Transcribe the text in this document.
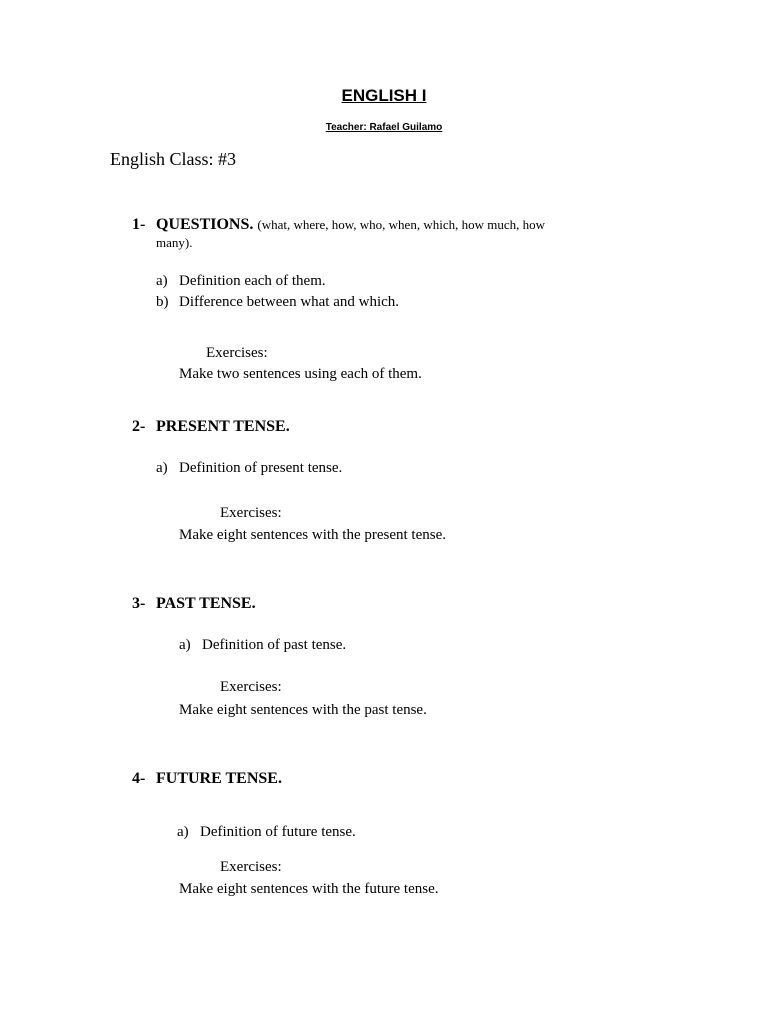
ENGLISH I
Teacher: Rafael Guilamo
English Class: #3
1- QUESTIONS. (what, where, how, who, when, which, how much, how
many).
a) Definition each of them.
b) Difference between what and which.
Exercises:
Make two sentences using each of them.
2- PRESENT TENSE.
a) Definition of present tense.
Exercises:
Make eight sentences with the present tense.
3- PAST TENSE.
a) Definition of past tense.
Exercises:
Make eight sentences with the past tense.
4- FUTURE TENSE.
a) Definition of future tense.
Exercises:
Make eight sentences with the future tense.
